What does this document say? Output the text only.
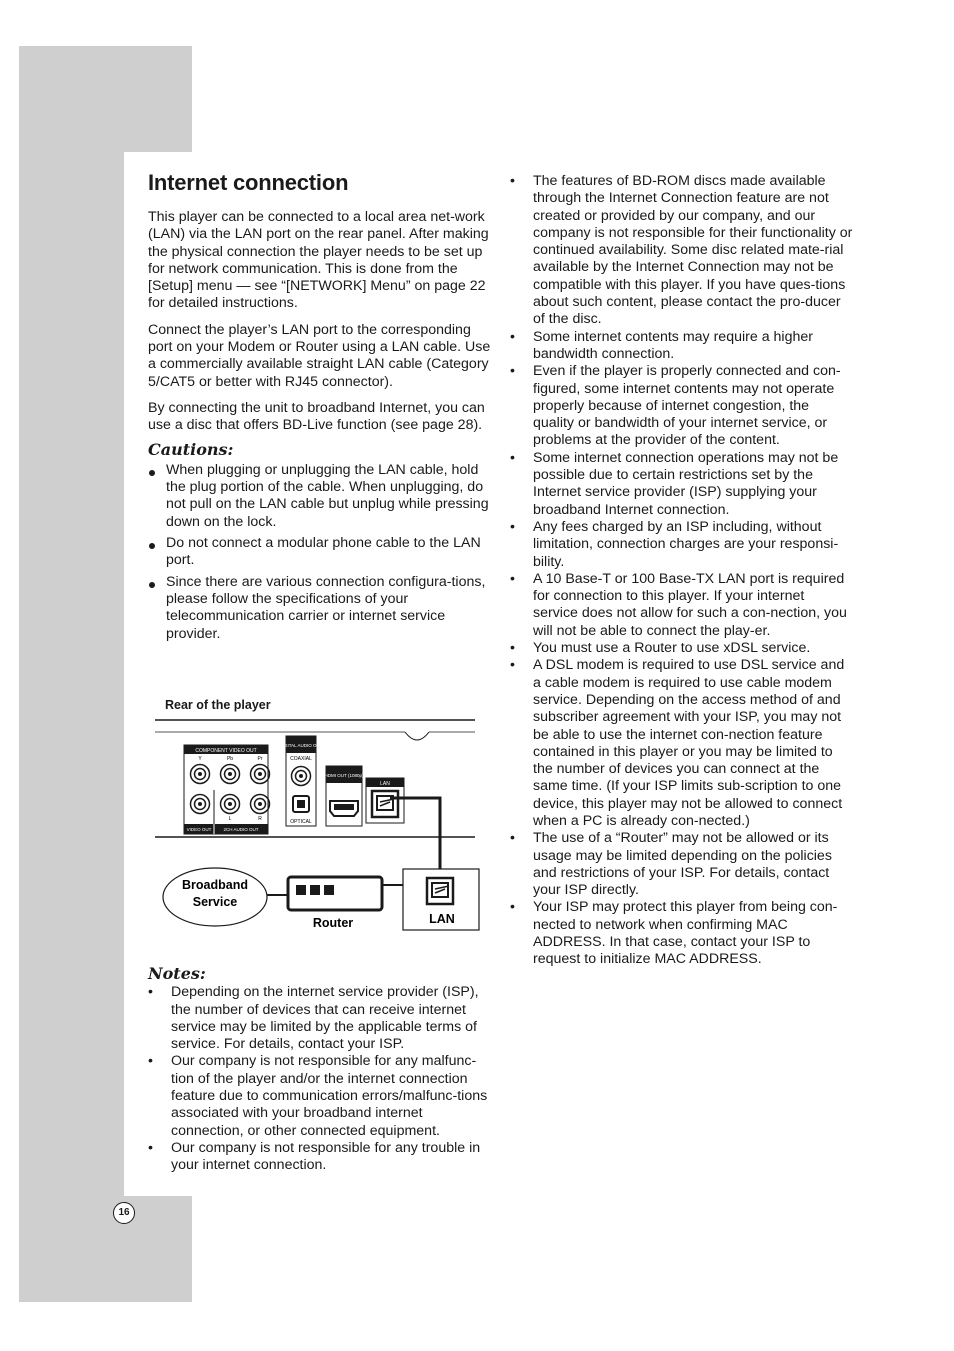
Internet connection

This player can be connected to a local area net-work (LAN) via the LAN port on the rear panel. After making the physical connection the player needs to be set up for network communication. This is done from the [Setup] menu — see “[NETWORK] Menu” on page 22 for detailed instructions.

Connect the player’s LAN port to the corresponding port on your Modem or Router using a LAN cable. Use a commercially available straight LAN cable (Category 5/CAT5 or better with RJ45 connector).

By connecting the unit to broadband Internet, you can use a disc that offers BD-Live function (see page 28).

Cautions:
When plugging or unplugging the LAN cable, hold the plug portion of the cable. When unplugging, do not pull on the LAN cable but unplug while pressing down on the lock.
Do not connect a modular phone cable to the LAN port.
Since there are various connection configura-tions, please follow the specifications of your telecommunication carrier or internet service provider.
Rear of the player
COMPONENT VIDEO OUT
Y	Pb	Pr
L	R
VIDEO OUT	2CH AUDIO OUT
DIGITAL AUDIO OUT
COAXIAL
OPTICAL
HDMI OUT (1080p)
LAN
Broadband
Service
Router	LAN
Notes:
• Depending on the internet service provider (ISP), the number of devices that can receive internet service may be limited by the applicable terms of service. For details, contact your ISP.
• Our company is not responsible for any malfunc-tion of the player and/or the internet connection feature due to communication errors/malfunc-tions associated with your broadband internet connection, or other connected equipment.
• Our company is not responsible for any trouble in your internet connection.
• The features of BD-ROM discs made available through the Internet Connection feature are not created or provided by our company, and our company is not responsible for their functionality or continued availability. Some disc related mate-rial available by the Internet Connection may not be compatible with this player. If you have ques-tions about such content, please contact the pro-ducer of the disc.
• Some internet contents may require a higher bandwidth connection.
• Even if the player is properly connected and con-figured, some internet contents may not operate properly because of internet congestion, the quality or bandwidth of your internet service, or problems at the provider of the content.
• Some internet connection operations may not be possible due to certain restrictions set by the Internet service provider (ISP) supplying your broadband Internet connection.
• Any fees charged by an ISP including, without limitation, connection charges are your responsi-bility.
• A 10 Base-T or 100 Base-TX LAN port is required for connection to this player. If your internet service does not allow for such a con-nection, you will not be able to connect the play-er.
• You must use a Router to use xDSL service.
• A DSL modem is required to use DSL service and a cable modem is required to use cable modem service. Depending on the access method of and subscriber agreement with your ISP, you may not be able to use the internet con-nection feature contained in this player or you may be limited to the number of devices you can connect at the same time. (If your ISP limits sub-scription to one device, this player may not be allowed to connect when a PC is already con-nected.)
• The use of a “Router” may not be allowed or its usage may be limited depending on the policies and restrictions of your ISP. For details, contact your ISP directly.
• Your ISP may protect this player from being con-nected to network when confirming MAC ADDRESS. In that case, contact your ISP to request to initialize MAC ADDRESS.
16
